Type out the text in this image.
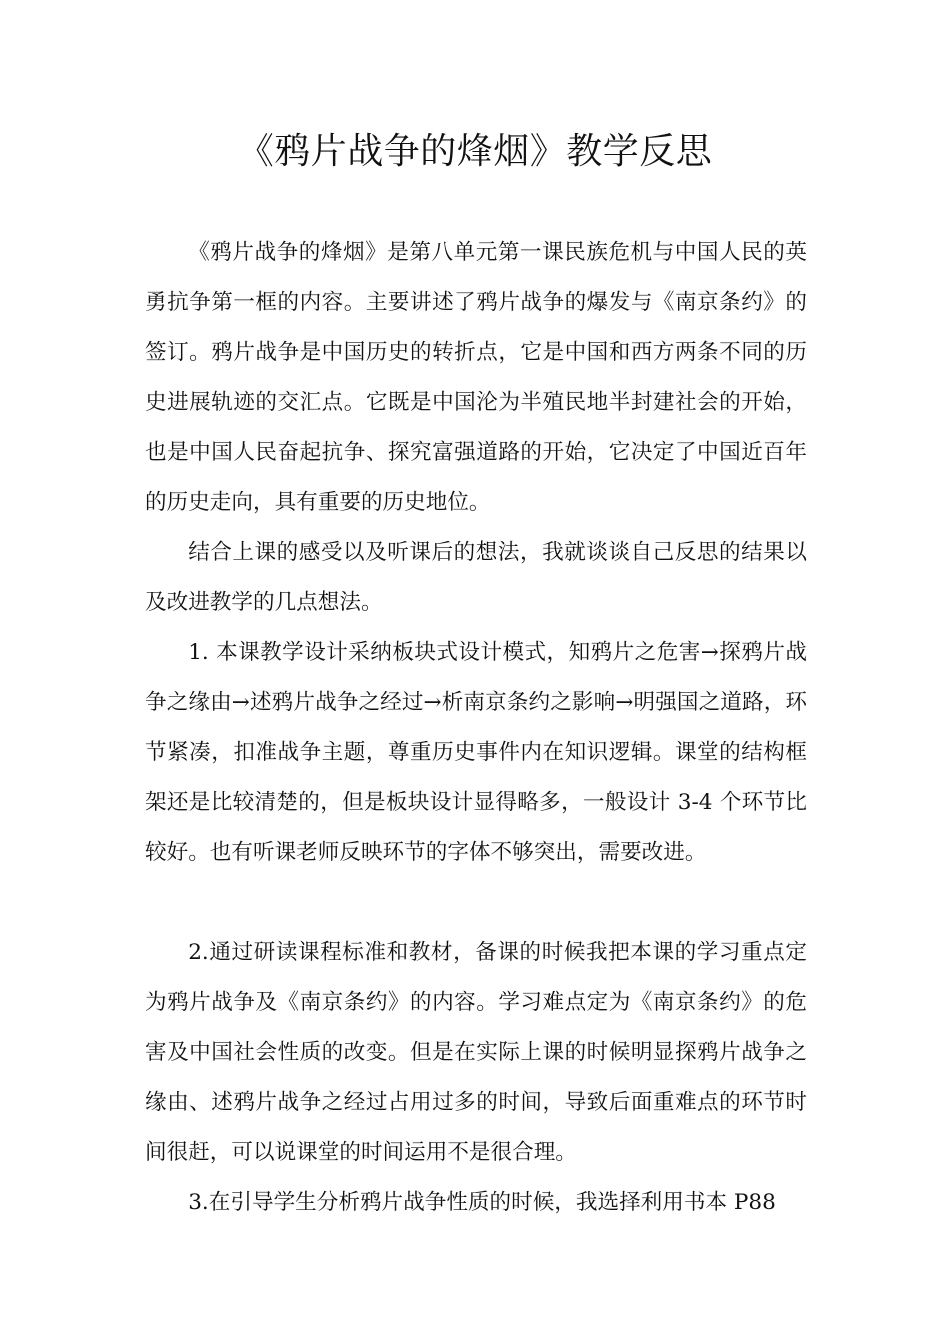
《鸦片战争的烽烟》教学反思

《鸦片战争的烽烟》是第八单元第一课民族危机与中国人民的英勇抗争第一框的内容。主要讲述了鸦片战争的爆发与《南京条约》的签订。鸦片战争是中国历史的转折点，它是中国和西方两条不同的历史进展轨迹的交汇点。它既是中国沦为半殖民地半封建社会的开始，也是中国人民奋起抗争、探究富强道路的开始，它决定了中国近百年的历史走向，具有重要的历史地位。

结合上课的感受以及听课后的想法，我就谈谈自己反思的结果以及改进教学的几点想法。

1. 本课教学设计采纳板块式设计模式，知鸦片之危害→探鸦片战争之缘由→述鸦片战争之经过→析南京条约之影响→明强国之道路，环节紧凑，扣准战争主题，尊重历史事件内在知识逻辑。课堂的结构框架还是比较清楚的，但是板块设计显得略多，一般设计 3-4 个环节比较好。也有听课老师反映环节的字体不够突出，需要改进。

2.通过研读课程标准和教材，备课的时候我把本课的学习重点定为鸦片战争及《南京条约》的内容。学习难点定为《南京条约》的危害及中国社会性质的改变。但是在实际上课的时候明显探鸦片战争之缘由、述鸦片战争之经过占用过多的时间，导致后面重难点的环节时间很赶，可以说课堂的时间运用不是很合理。

3.在引导学生分析鸦片战争性质的时候，我选择利用书本 P88
